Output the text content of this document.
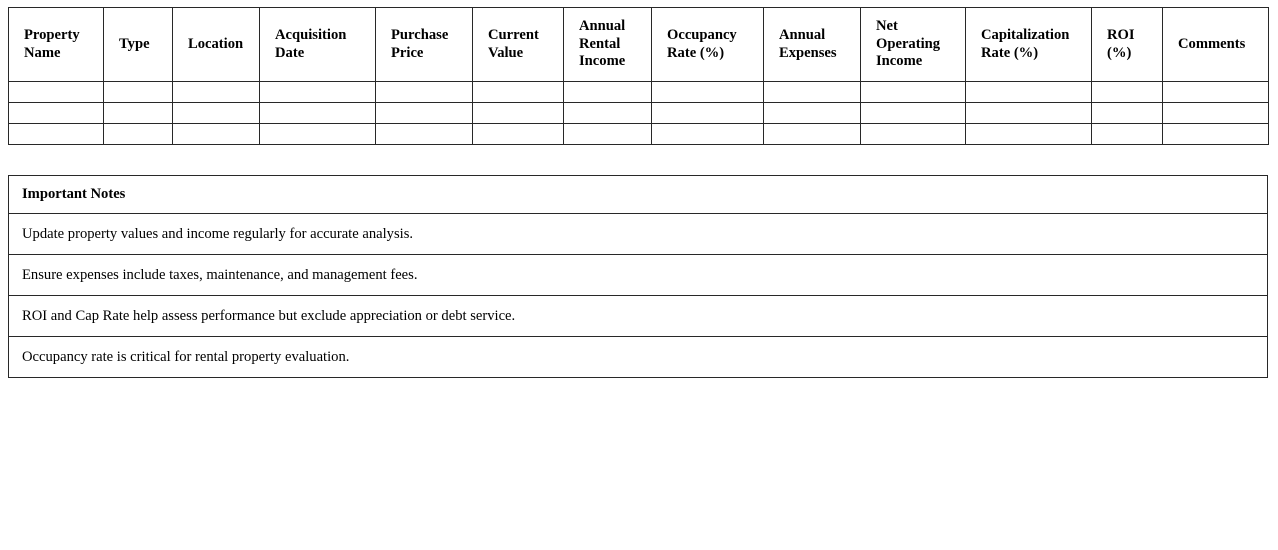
Property Name	Type	Location	Acquisition Date	Purchase Price	Current Value	Annual Rental Income	Occupancy Rate (%)	Annual Expenses	Net Operating Income	Capitalization Rate (%)	ROI (%)	Comments

Important Notes
Update property values and income regularly for accurate analysis.
Ensure expenses include taxes, maintenance, and management fees.
ROI and Cap Rate help assess performance but exclude appreciation or debt service.
Occupancy rate is critical for rental property evaluation.
